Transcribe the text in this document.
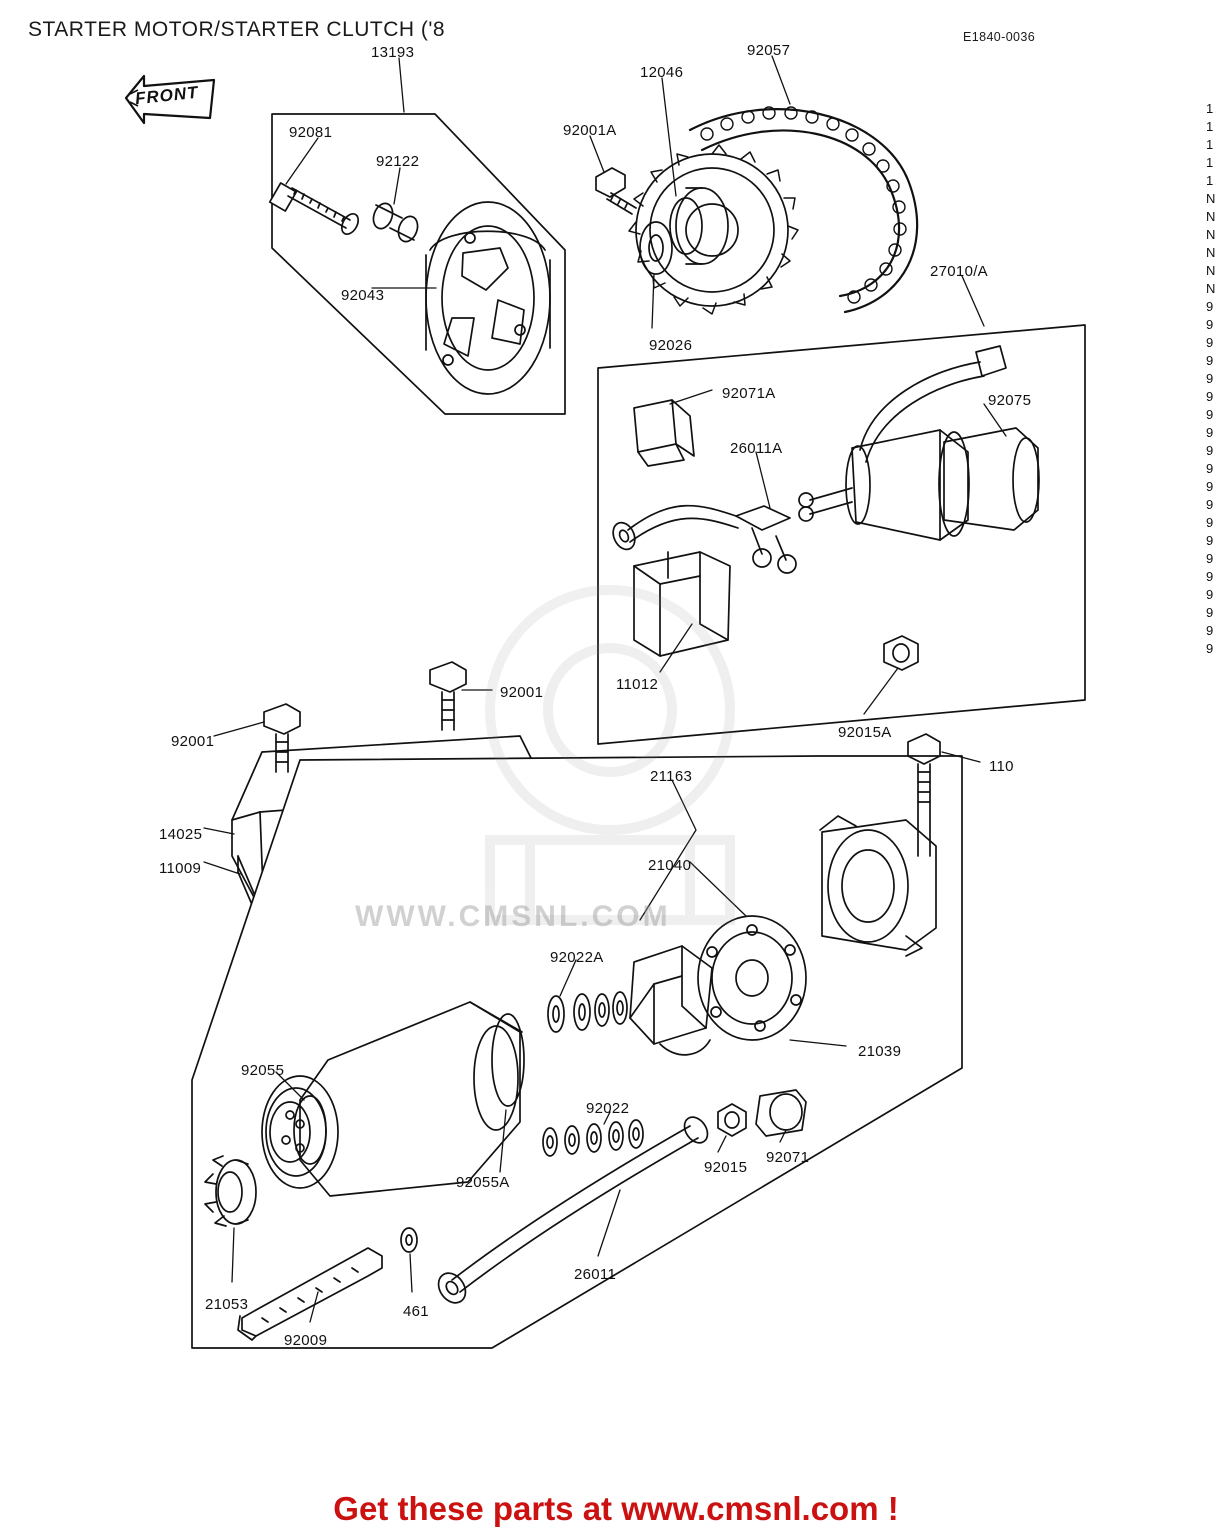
STARTER MOTOR/STARTER CLUTCH ('8	E1840-0036
FRONT
WWW.CMSNL.COM
1
1
1
1
1
N
N
N
N
N
N
9
9
9
9
9
9
9
9
9
9
9
9
9
9
9
9
9
9
9
9
13193
12046
92057
92081
92122
92001A
92043
92026
27010/A
92071A	92075
26011A
11012
92001
92015A
92001
110
21163
14025
21040
11009
92022A
21039
92055
92022
92015
92071
92055A
21053	461
26011
92009
Get these parts at www.cmsnl.com !
